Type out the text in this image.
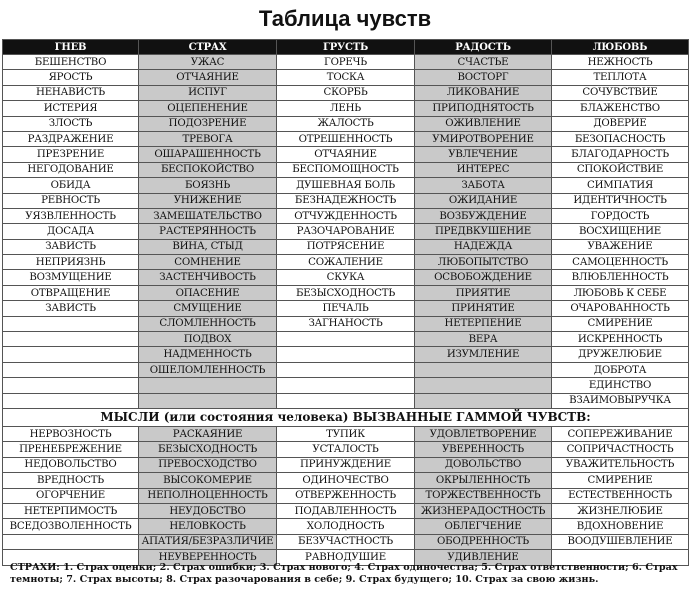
Таблица чувств
ГНЕВ	СТРАХ	ГРУСТЬ	РАДОСТЬ	ЛЮБОВЬ
БЕШЕНСТВО	УЖАС	ГОРЕЧЬ	СЧАСТЬЕ	НЕЖНОСТЬ
ЯРОСТЬ	ОТЧАЯНИЕ	ТОСКА	ВОСТОРГ	ТЕПЛОТА
НЕНАВИСТЬ	ИСПУГ	СКОРБЬ	ЛИКОВАНИЕ	СОЧУВСТВИЕ
ИСТЕРИЯ	ОЦЕПЕНЕНИЕ	ЛЕНЬ	ПРИПОДНЯТОСТЬ	БЛАЖЕНСТВО
ЗЛОСТЬ	ПОДОЗРЕНИЕ	ЖАЛОСТЬ	ОЖИВЛЕНИЕ	ДОВЕРИЕ
РАЗДРАЖЕНИЕ	ТРЕВОГА	ОТРЕШЕННОСТЬ	УМИРОТВОРЕНИЕ	БЕЗОПАСНОСТЬ
ПРЕЗРЕНИЕ	ОШАРАШЕННОСТЬ	ОТЧАЯНИЕ	УВЛЕЧЕНИЕ	БЛАГОДАРНОСТЬ
НЕГОДОВАНИЕ	БЕСПОКОЙСТВО	БЕСПОМОЩНОСТЬ	ИНТЕРЕС	СПОКОЙСТВИЕ
ОБИДА	БОЯЗНЬ	ДУШЕВНАЯ БОЛЬ	ЗАБОТА	СИМПАТИЯ
РЕВНОСТЬ	УНИЖЕНИЕ	БЕЗНАДЕЖНОСТЬ	ОЖИДАНИЕ	ИДЕНТИЧНОСТЬ
УЯЗВЛЕННОСТЬ	ЗАМЕШАТЕЛЬСТВО	ОТЧУЖДЕННОСТЬ	ВОЗБУЖДЕНИЕ	ГОРДОСТЬ
ДОСАДА	РАСТЕРЯННОСТЬ	РАЗОЧАРОВАНИЕ	ПРЕДВКУШЕНИЕ	ВОСХИЩЕНИЕ
ЗАВИСТЬ	ВИНА, СТЫД	ПОТРЯСЕНИЕ	НАДЕЖДА	УВАЖЕНИЕ
НЕПРИЯЗНЬ	СОМНЕНИЕ	СОЖАЛЕНИЕ	ЛЮБОПЫТСТВО	САМОЦЕННОСТЬ
ВОЗМУЩЕНИЕ	ЗАСТЕНЧИВОСТЬ	СКУКА	ОСВОБОЖДЕНИЕ	ВЛЮБЛЕННОСТЬ
ОТВРАЩЕНИЕ	ОПАСЕНИЕ	БЕЗЫСХОДНОСТЬ	ПРИЯТИЕ	ЛЮБОВЬ К СЕБЕ
ЗАВИСТЬ	СМУЩЕНИЕ	ПЕЧАЛЬ	ПРИНЯТИЕ	ОЧАРОВАННОСТЬ
	СЛОМЛЕННОСТЬ	ЗАГНАНОСТЬ	НЕТЕРПЕНИЕ	СМИРЕНИЕ
	ПОДВОХ		ВЕРА	ИСКРЕННОСТЬ
	НАДМЕННОСТЬ		ИЗУМЛЕНИЕ	ДРУЖЕЛЮБИЕ
	ОШЕЛОМЛЕННОСТЬ			ДОБРОТА
				ЕДИНСТВО
				ВЗАИМОВЫРУЧКА
МЫСЛИ (или состояния человека) ВЫЗВАННЫЕ ГАММОЙ ЧУВСТВ:				
НЕРВОЗНОСТЬ	РАСКАЯНИЕ	ТУПИК	УДОВЛЕТВОРЕНИЕ	СОПЕРЕЖИВАНИЕ
ПРЕНЕБРЕЖЕНИЕ	БЕЗЫСХОДНОСТЬ	УСТАЛОСТЬ	УВЕРЕННОСТЬ	СОПРИЧАСТНОСТЬ
НЕДОВОЛЬСТВО	ПРЕВОСХОДСТВО	ПРИНУЖДЕНИЕ	ДОВОЛЬСТВО	УВАЖИТЕЛЬНОСТЬ
ВРЕДНОСТЬ	ВЫСОКОМЕРИЕ	ОДИНОЧЕСТВО	ОКРЫЛЕННОСТЬ	СМИРЕНИЕ
ОГОРЧЕНИЕ	НЕПОЛНОЦЕННОСТЬ	ОТВЕРЖЕННОСТЬ	ТОРЖЕСТВЕННОСТЬ	ЕСТЕСТВЕННОСТЬ
НЕТЕРПИМОСТЬ	НЕУДОБСТВО	ПОДАВЛЕННОСТЬ	ЖИЗНЕРАДОСТНОСТЬ	ЖИЗНЕЛЮБИЕ
ВСЕДОЗВОЛЕННОСТЬ	НЕЛОВКОСТЬ	ХОЛОДНОСТЬ	ОБЛЕГЧЕНИЕ	ВДОХНОВЕНИЕ
	АПАТИЯ/БЕЗРАЗЛИЧИЕ	БЕЗУЧАСТНОСТЬ	ОБОДРЕННОСТЬ	ВООДУШЕВЛЕНИЕ
	НЕУВЕРЕННОСТЬ	РАВНОДУШИЕ	УДИВЛЕНИЕ	
СТРАХИ: 1. Страх оценки; 2. Страх ошибки; 3. Страх нового; 4. Страх одиночества; 5. Страх ответственности; 6. Страх темноты; 7. Страх высоты; 8. Страх разочарования в себе; 9. Страх будущего; 10. Страх за свою жизнь.
